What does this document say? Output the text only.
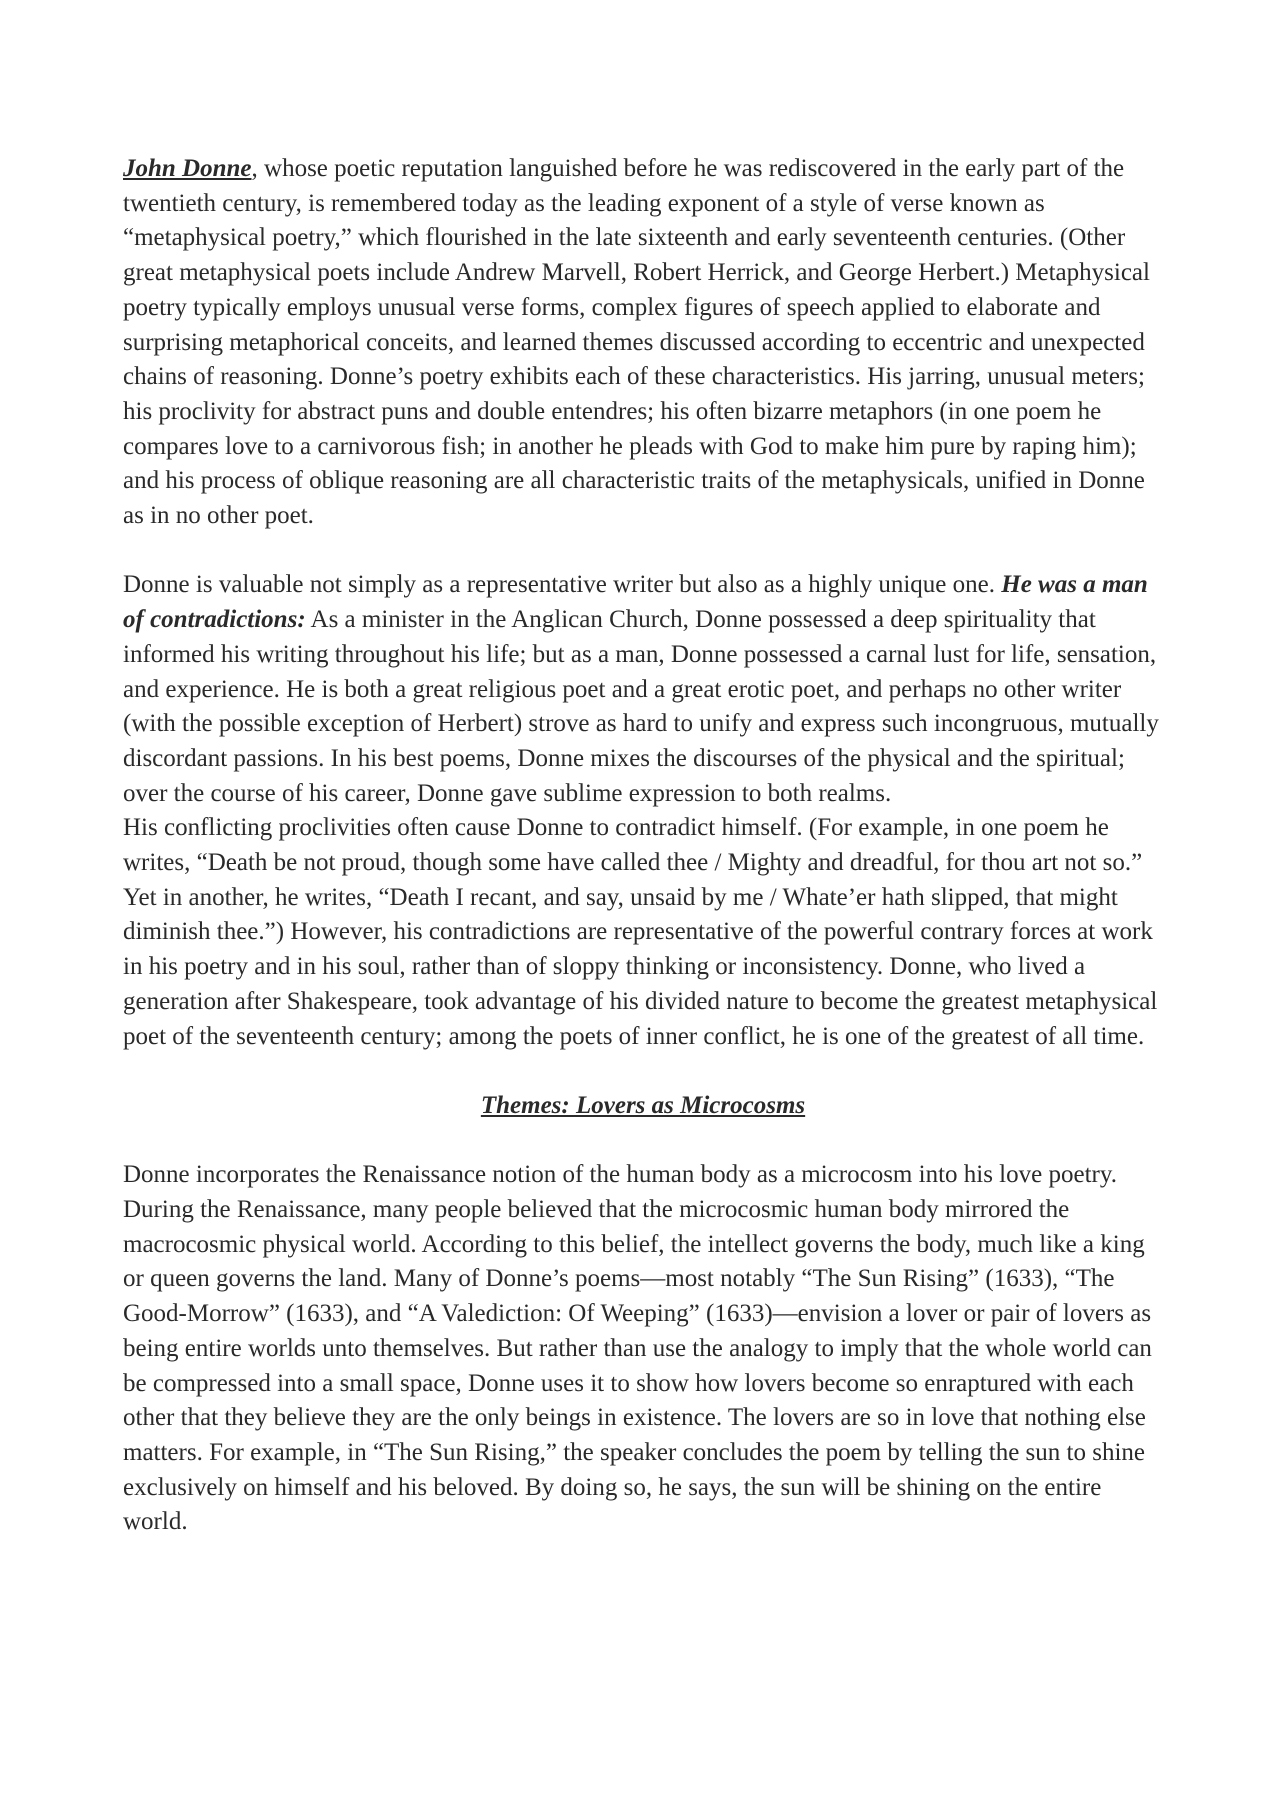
John Donne, whose poetic reputation languished before he was rediscovered in the early part of the twentieth century, is remembered today as the leading exponent of a style of verse known as “metaphysical poetry,” which flourished in the late sixteenth and early seventeenth centuries. (Other great metaphysical poets include Andrew Marvell, Robert Herrick, and George Herbert.) Metaphysical poetry typically employs unusual verse forms, complex figures of speech applied to elaborate and surprising metaphorical conceits, and learned themes discussed according to eccentric and unexpected chains of reasoning. Donne’s poetry exhibits each of these characteristics. His jarring, unusual meters; his proclivity for abstract puns and double entendres; his often bizarre metaphors (in one poem he compares love to a carnivorous fish; in another he pleads with God to make him pure by raping him); and his process of oblique reasoning are all characteristic traits of the metaphysicals, unified in Donne as in no other poet.

Donne is valuable not simply as a representative writer but also as a highly unique one. He was a man of contradictions: As a minister in the Anglican Church, Donne possessed a deep spirituality that informed his writing throughout his life; but as a man, Donne possessed a carnal lust for life, sensation, and experience. He is both a great religious poet and a great erotic poet, and perhaps no other writer (with the possible exception of Herbert) strove as hard to unify and express such incongruous, mutually discordant passions. In his best poems, Donne mixes the discourses of the physical and the spiritual; over the course of his career, Donne gave sublime expression to both realms.

His conflicting proclivities often cause Donne to contradict himself. (For example, in one poem he writes, “Death be not proud, though some have called thee / Mighty and dreadful, for thou art not so.” Yet in another, he writes, “Death I recant, and say, unsaid by me / Whate’er hath slipped, that might diminish thee.”) However, his contradictions are representative of the powerful contrary forces at work in his poetry and in his soul, rather than of sloppy thinking or inconsistency. Donne, who lived a generation after Shakespeare, took advantage of his divided nature to become the greatest metaphysical poet of the seventeenth century; among the poets of inner conflict, he is one of the greatest of all time.

Themes: Lovers as Microcosms

Donne incorporates the Renaissance notion of the human body as a microcosm into his love poetry. During the Renaissance, many people believed that the microcosmic human body mirrored the macrocosmic physical world. According to this belief, the intellect governs the body, much like a king or queen governs the land. Many of Donne’s poems—most notably “The Sun Rising” (1633), “The Good-Morrow” (1633), and “A Valediction: Of Weeping” (1633)—envision a lover or pair of lovers as being entire worlds unto themselves. But rather than use the analogy to imply that the whole world can be compressed into a small space, Donne uses it to show how lovers become so enraptured with each other that they believe they are the only beings in existence. The lovers are so in love that nothing else matters. For example, in “The Sun Rising,” the speaker concludes the poem by telling the sun to shine exclusively on himself and his beloved. By doing so, he says, the sun will be shining on the entire world.
